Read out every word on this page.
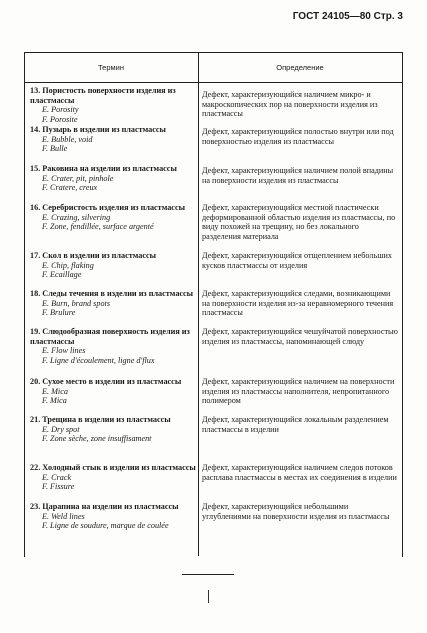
ГОСТ 24105—80 Стр. 3
Термин	Определение
13. Пористость поверхности изделия из пластмассы
E. Porosity
F. Porosite
14. Пузырь в изделии из пластмассы
E. Bubble, void
F. Bulle
15. Раковина на изделии из пластмассы
E. Crater, pit, pinhole
F. Cratere, creux
16. Серебристость изделия из пластмассы
E. Crazing, silvering
F. Zone, fendillée, surface argenté
17. Скол в изделии из пластмассы
E. Chip, flaking
F. Ecaillage
18. Следы течения в изделии из пластмассы
E. Burn, brand spots
F. Brulure
19. Слюдообразная поверхность изделия из пластмассы
E. Flow lines
F. Ligne d'écoulement, ligne d'flux
20. Сухое место в изделии из пластмассы
E. Mica
F. Mica
21. Трещина в изделии из пластмассы
E. Dry spot
F. Zone sèche, zone insuffisament
22. Холодный стык в изделии из пластмассы
E. Crack
F. Fissure
23. Царапина на изделии из пластмассы
E. Weld lines
F. Ligne de soudure, marque de coulée
Дефект, характеризующийся наличием микро- и макроскопических пор на поверхности изделия из пластмассы
Дефект, характеризующийся полостью внутри или под поверхностью изделия из пластмассы
Дефект, характеризующийся наличием полой впадины на поверхности изделия из пластмассы
Дефект, характеризующийся местной пластически деформированной областью изделия из пластмассы, по виду похожей на трещину, но без локального разделения материала
Дефект, характеризующийся отщеплением небольших кусков пластмассы от изделия
Дефект, характеризующийся следами, возникающими на поверхности изделия из-за неравномерного течения пластмассы
Дефект, характеризующийся чешуйчатой поверхностью изделия из пластмассы, напоминающей слюду
Дефект, характеризующийся наличием на поверхности изделия из пластмассы наполнителя, непропитанного полимером
Дефект, характеризующийся локальным разделением пластмассы в изделии
Дефект, характеризующийся наличием следов потоков расплава пластмассы в местах их соединения в изделии
Дефект, характеризующийся небольшими углублениями на поверхности изделия из пластмассы
